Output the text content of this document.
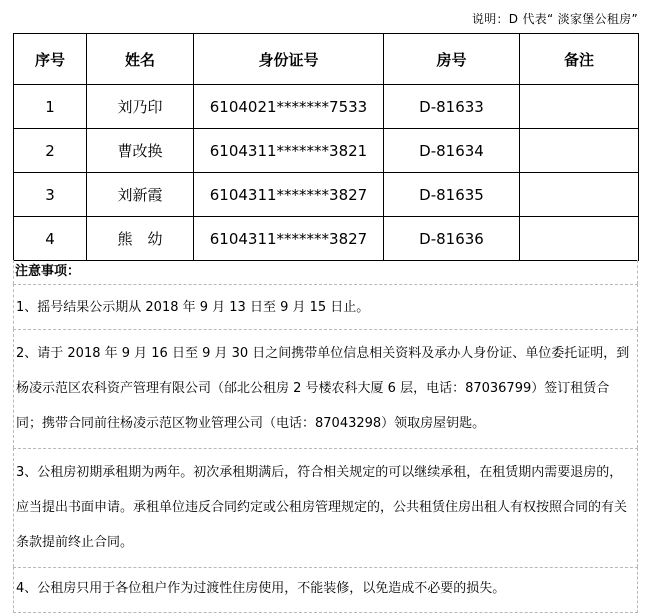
说明：D 代表“ 淡家堡公租房”
序号	姓名	身份证号	房号	备注
1	刘乃印	6104021*******7533	D-81633	
2	曹改换	6104311*******3821	D-81634	
3	刘新霞	6104311*******3827	D-81635	
4	熊　幼	6104311*******3827	D-81636	
注意事项：
1、摇号结果公示期从 2018 年 9 月 13 日至 9 月 15 日止。
2、请于 2018 年 9 月 16 日至 9 月 30 日之间携带单位信息相关资料及承办人身份证、单位委托证明，到杨凌示范区农科资产管理有限公司（邰北公租房 2 号楼农科大厦 6 层，电话：87036799）签订租赁合同；携带合同前往杨凌示范区物业管理公司（电话：87043298）领取房屋钥匙。
3、公租房初期承租期为两年。初次承租期满后，符合相关规定的可以继续承租，在租赁期内需要退房的，应当提出书面申请。承租单位违反合同约定或公租房管理规定的，公共租赁住房出租人有权按照合同的有关条款提前终止合同。
4、公租房只用于各位租户作为过渡性住房使用，不能装修，以免造成不必要的损失。
